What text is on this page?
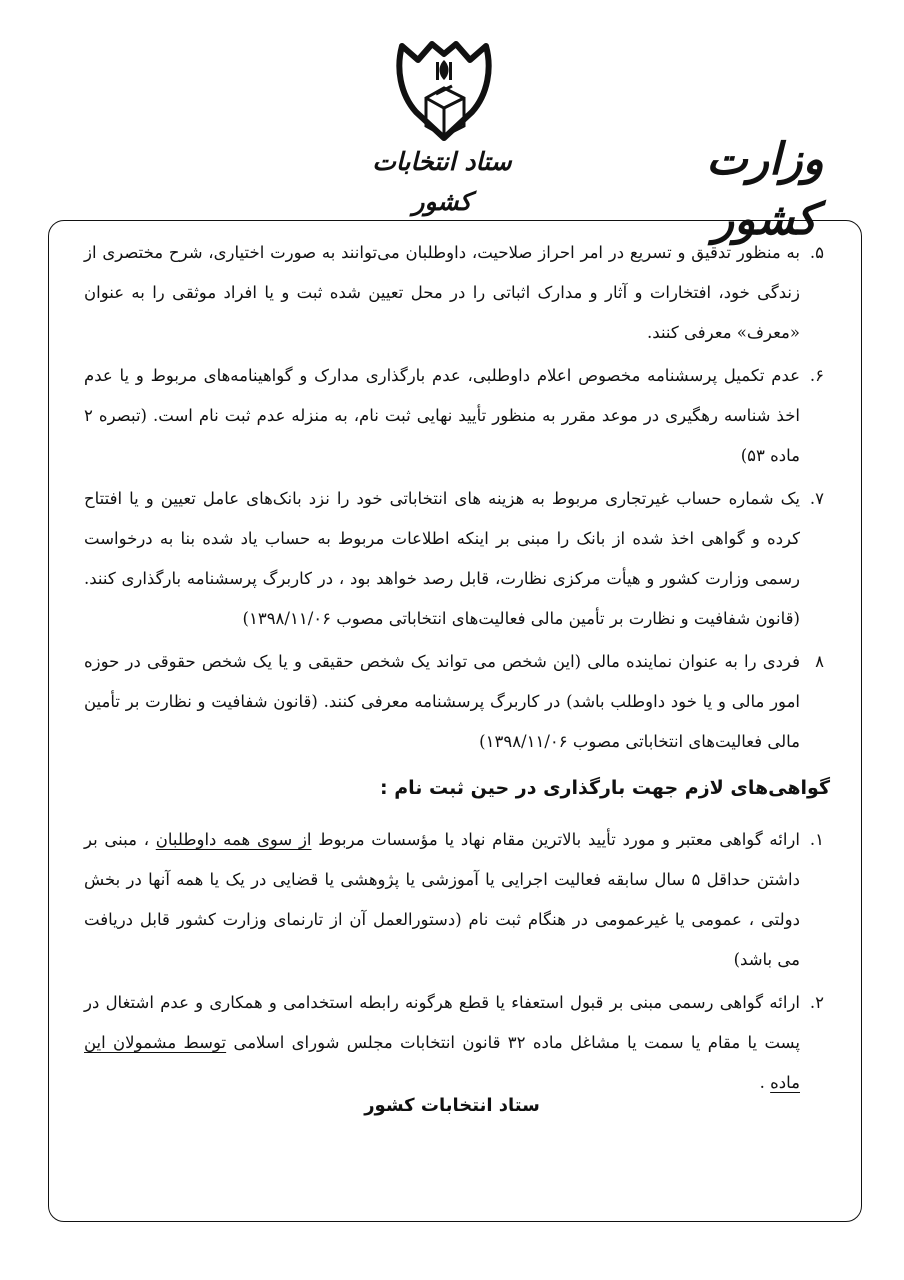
وزارت کشور
ستاد انتخابات کشور
۵.
به منظور تدقیق و تسریع در امر احراز صلاحیت، داوطلبان می‌توانند به صورت اختیاری، شرح مختصری از زندگی خود، افتخارات و آثار و مدارک اثباتی را در محل تعیین شده ثبت و یا افراد موثقی را به عنوان «معرف» معرفی کنند.
۶.
عدم تکمیل پرسشنامه مخصوص اعلام داوطلبی، عدم بارگذاری مدارک و گواهینامه‌های مربوط و یا عدم اخذ شناسه رهگیری در موعد مقرر به منظور تأیید نهایی ثبت نام، به منزله عدم ثبت نام است. (تبصره ۲ ماده ۵۳)
۷.
یک شماره حساب غیرتجاری مربوط به هزینه های انتخاباتی خود را نزد بانک‌های عامل تعیین و یا افتتاح کرده و گواهی اخذ شده از بانک را مبنی بر اینکه اطلاعات مربوط به حساب یاد شده بنا به درخواست رسمی وزارت کشور و هیأت مرکزی نظارت، قابل رصد خواهد بود ، در کاربرگ پرسشنامه بارگذاری کنند.(قانون شفافیت و نظارت بر تأمین مالی فعالیت‌های انتخاباتی مصوب ۱۳۹۸/۱۱/۰۶)
۸
فردی را به عنوان نماینده مالی (این شخص می تواند یک شخص حقیقی و یا یک شخص حقوقی در حوزه امور مالی و یا خود داوطلب باشد) در کاربرگ پرسشنامه معرفی کنند. (قانون شفافیت و نظارت بر تأمین مالی فعالیت‌های انتخاباتی مصوب ۱۳۹۸/۱۱/۰۶)
گواهی‌های لازم جهت بارگذاری در حین ثبت نام :
۱.
ارائه گواهی معتبر و مورد تأیید بالاترین مقام نهاد یا مؤسسات مربوط از سوی همه داوطلبان ، مبنی بر داشتن حداقل ۵ سال سابقه فعالیت اجرایی یا آموزشی یا پژوهشی یا قضایی در یک یا همه آنها در بخش دولتی ، عمومی یا غیرعمومی در هنگام ثبت نام (دستورالعمل آن از تارنمای وزارت کشور قابل دریافت می باشد)
۲.
ارائه گواهی رسمی مبنی بر قبول استعفاء یا قطع هرگونه رابطه استخدامی و همکاری و عدم اشتغال در پست یا مقام یا سمت یا مشاغل ماده ۳۲ قانون انتخابات مجلس شورای اسلامی توسط مشمولان این ماده .
ستاد انتخابات کشور
